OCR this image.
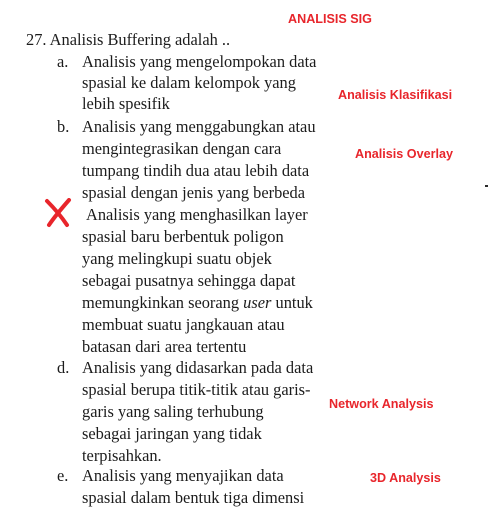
ANALISIS SIG
27. Analisis Buffering adalah ..
a. Analisis yang mengelompokan data
spasial ke dalam kelompok yang
lebih spesifik	Analisis Klasifikasi
b. Analisis yang menggabungkan atau
mengintegrasikan dengan cara
tumpang tindih dua atau lebih data
spasial dengan jenis yang berbeda
Analisis Overlay
Analisis yang menghasilkan layer
spasial baru berbentuk poligon
yang melingkupi suatu objek
sebagai pusatnya sehingga dapat
memungkinkan seorang user untuk
membuat suatu jangkauan atau
batasan dari area tertentu
d. Analisis yang didasarkan pada data
spasial berupa titik-titik atau garis-
garis yang saling terhubung
sebagai jaringan yang tidak
terpisahkan.
Network Analysis
e. Analisis yang menyajikan data
spasial dalam bentuk tiga dimensi
3D Analysis
